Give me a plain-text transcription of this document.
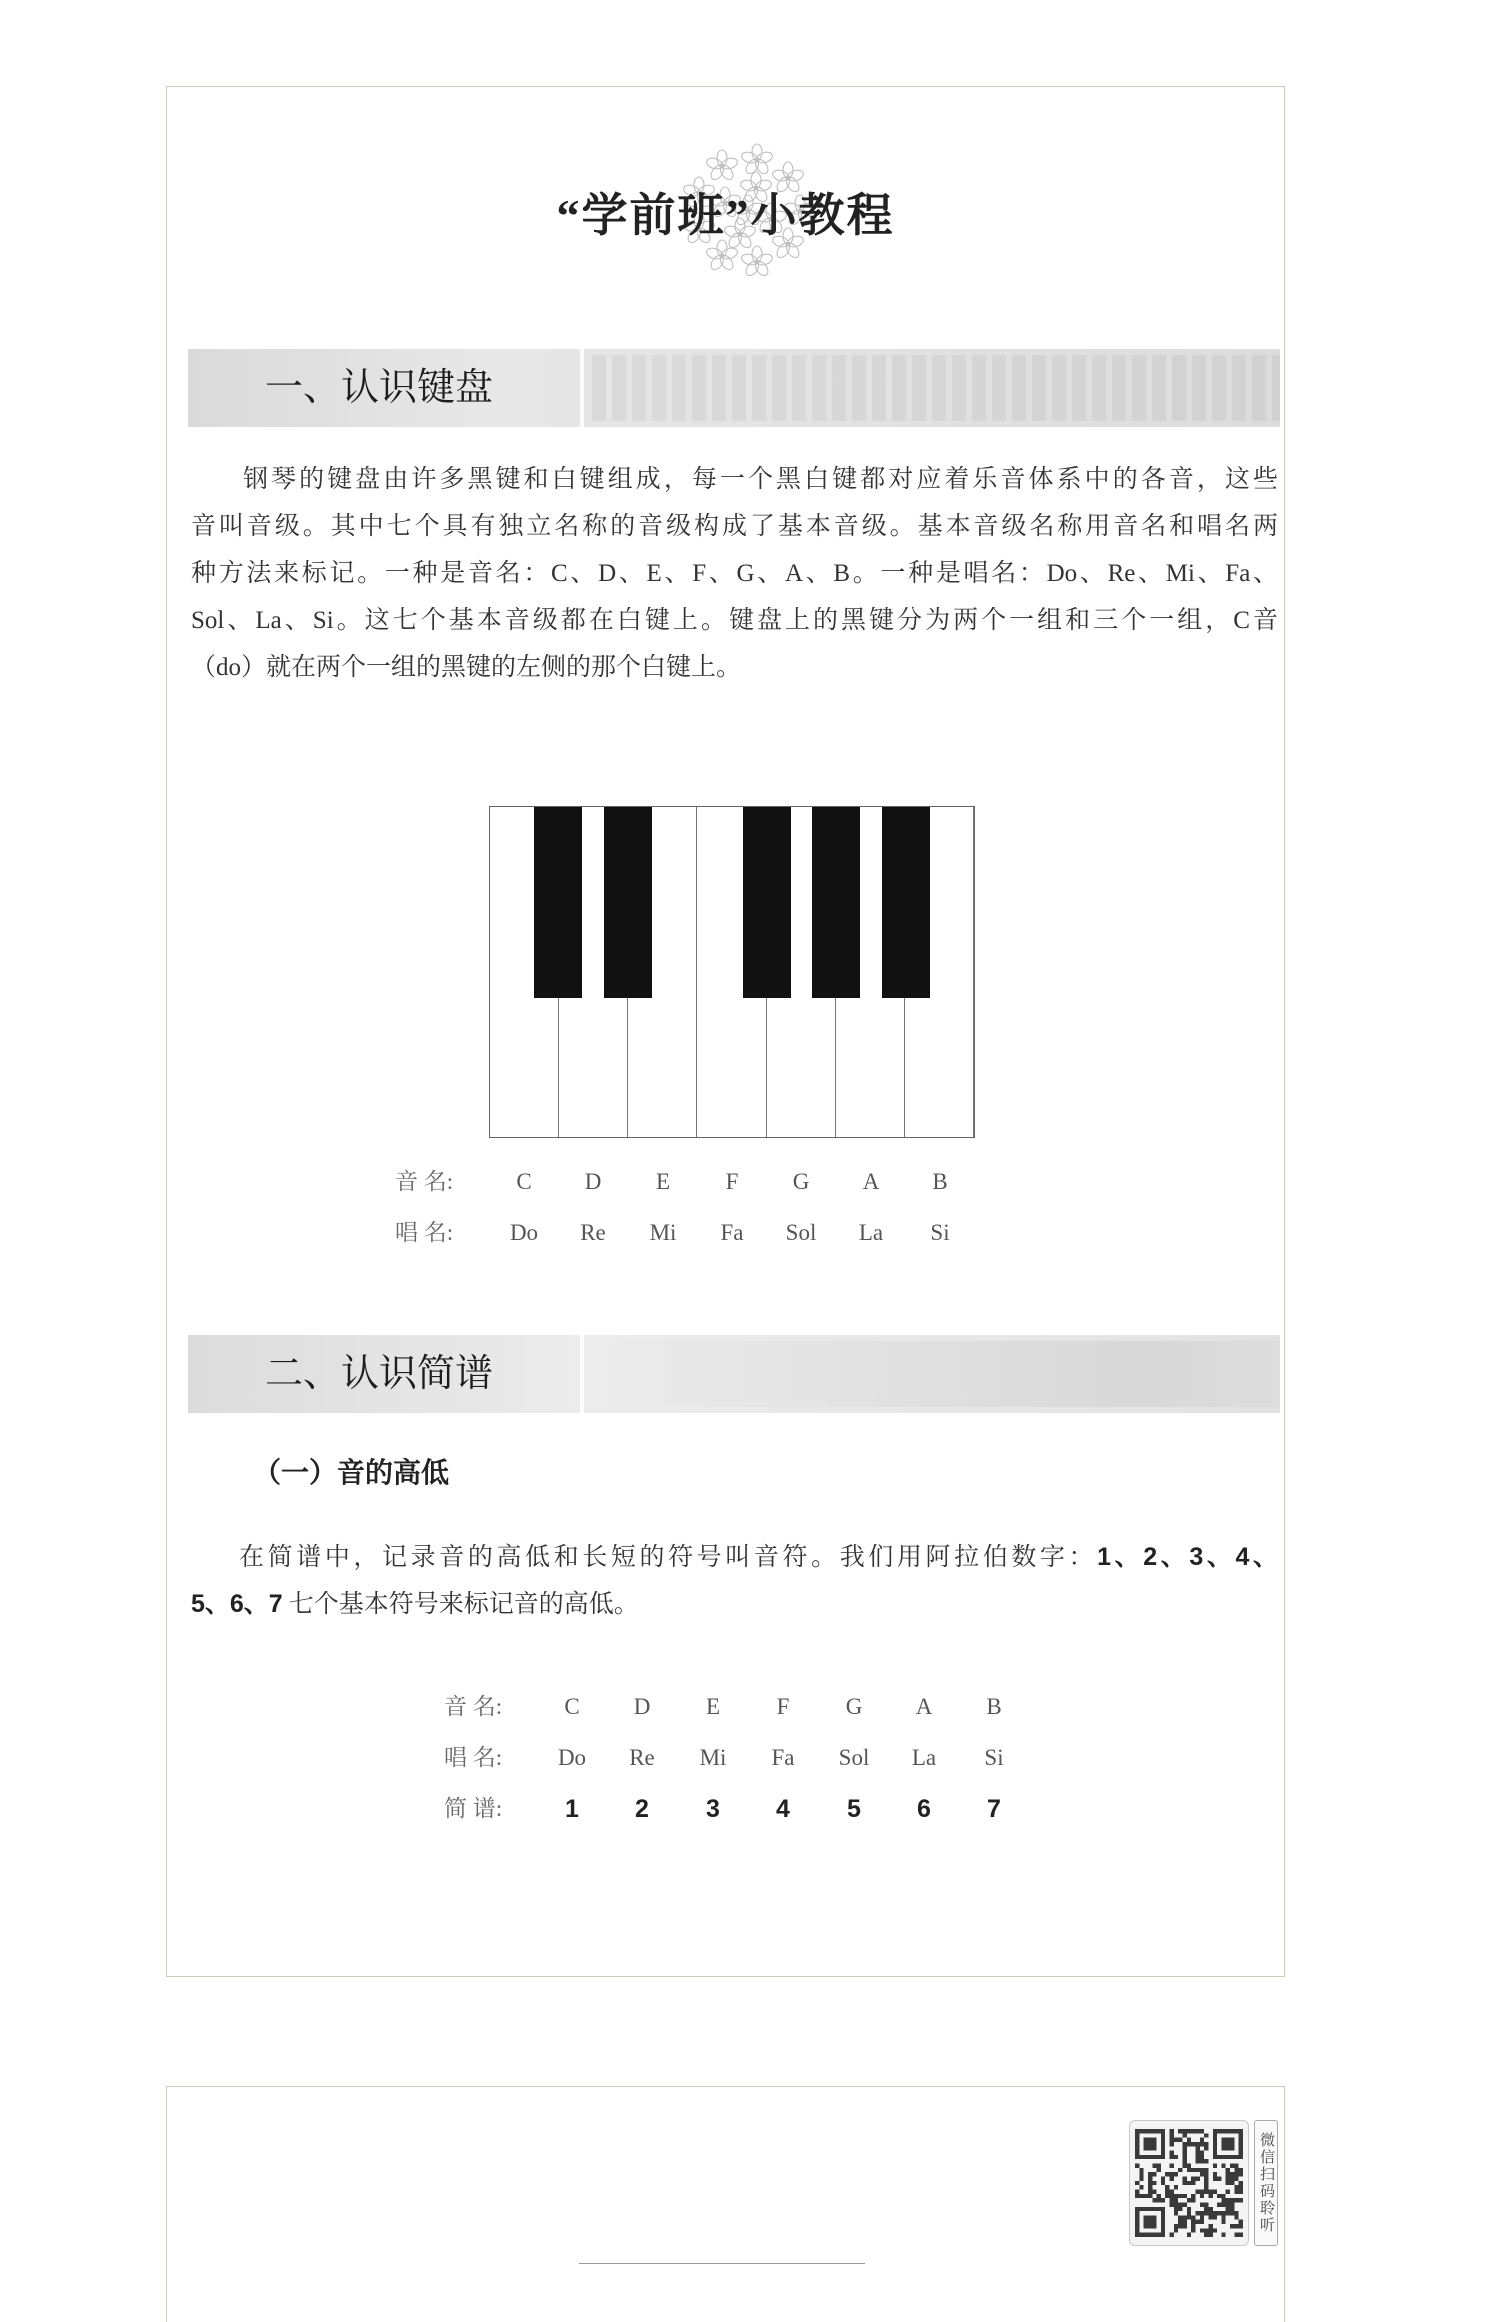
“学前班”小教程
一、认识键盘
钢琴的键盘由许多黑键和白键组成，每一个黑白键都对应着乐音体系中的各音，这些
音叫音级。其中七个具有独立名称的音级构成了基本音级。基本音级名称用音名和唱名两
种方法来标记。一种是音名：C、D、E、F、G、A、B。一种是唱名：Do、Re、Mi、Fa、
Sol、La、Si。这七个基本音级都在白键上。键盘上的黑键分为两个一组和三个一组，C音
（do）就在两个一组的黑键的左侧的那个白键上。
音 名:	C	D	E	F	G	A	B
唱 名:	Do	Re	Mi	Fa	Sol	La	Si
二、认识简谱
（一）音的高低
在简谱中，记录音的高低和长短的符号叫音符。我们用阿拉伯数字：1、2、3、4、
5、6、7 七个基本符号来标记音的高低。
音 名:	C	D	E	F	G	A	B
唱 名:	Do	Re	Mi	Fa	Sol	La	Si
简 谱:	1	2	3	4	5	6	7
微信扫码聆听
